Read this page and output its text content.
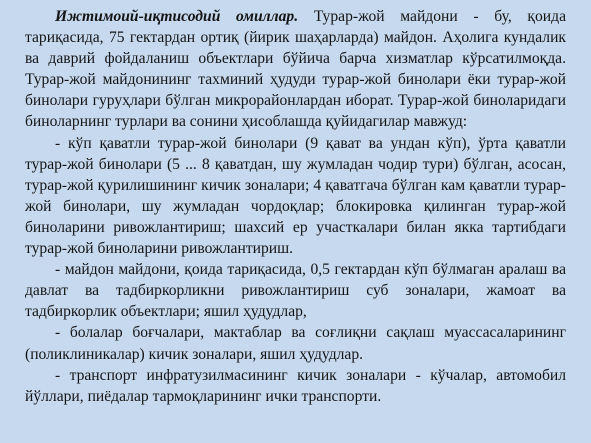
Ижтимоий-иқтисодий омиллар. Турар-жой майдони - бу, қоида тариқасида, 75 гектардан ортиқ (йирик шаҳарларда) майдон. Аҳолига кундалик ва даврий фойдаланиш объектлари бўйича барча хизматлар кўрсатилмоқда. Турар-жой майдонининг тахминий ҳудуди турар-жой бинолари ёки турар-жой бинолари гуруҳлари бўлган микрорайонлардан иборат. Турар-жой биноларидаги биноларнинг турлари ва сонини ҳисоблашда қуйидагилар мавжуд:

- кўп қаватли турар-жой бинолари (9 қават ва ундан кўп), ўрта қаватли турар-жой бинолари (5 ... 8 қаватдан, шу жумладан чодир тури) бўлган, асосан, турар-жой қурилишининг кичик зоналари; 4 қаватгача бўлган кам қаватли турар-жой бинолари, шу жумладан чордоқлар; блокировка қилинган турар-жой биноларини ривожлантириш; шахсий ер участкалари билан якка тартибдаги турар-жой биноларини ривожлантириш.

- майдон майдони, қоида тариқасида, 0,5 гектардан кўп бўлмаган аралаш ва давлат ва тадбиркорликни ривожлантириш суб зоналари, жамоат ва тадбиркорлик объектлари; яшил ҳудудлар,

- болалар боғчалари, мактаблар ва соғлиқни сақлаш муассасаларининг (поликлиникалар) кичик зоналари, яшил ҳудудлар.

- транспорт инфратузилмасининг кичик зоналари - кўчалар, автомобил йўллари, пиёдалар тармоқларининг ички транспорти.
